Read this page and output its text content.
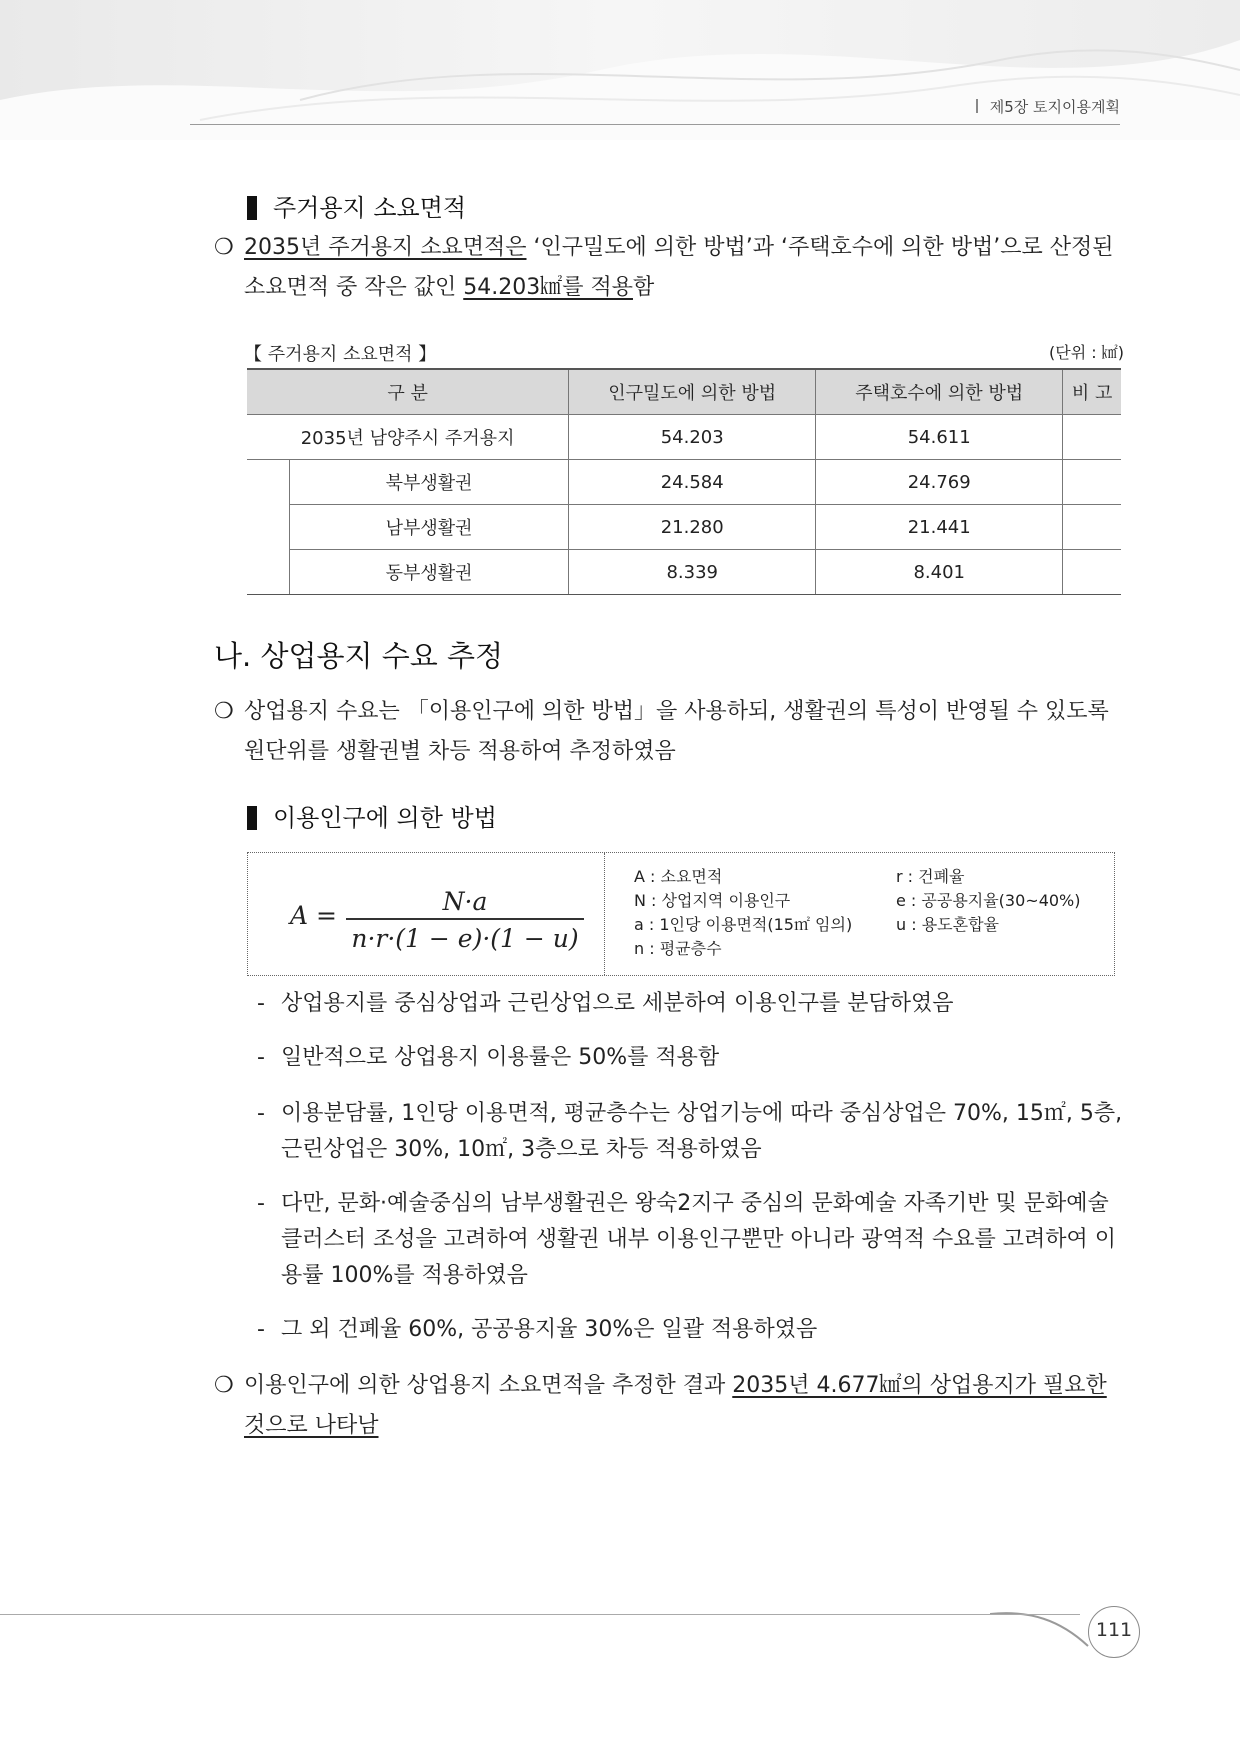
제5장 토지이용계획
주거용지 소요면적
❍ 2035년 주거용지 소요면적은 ‘인구밀도에 의한 방법’과 ‘주택호수에 의한 방법’으로 산정된 소요면적 중 작은 값인 54.203㎢를 적용함
【 주거용지 소요면적 】	(단위 : ㎢)
구 분		인구밀도에 의한 방법	주택호수에 의한 방법	비 고
2035년 남양주시 주거용지		54.203	54.611	
	북부생활권	24.584	24.769	
	남부생활권	21.280	21.441	
	동부생활권	8.339	8.401	
나. 상업용지 수요 추정
❍ 상업용지 수요는 「이용인구에 의한 방법」을 사용하되, 생활권의 특성이 반영될 수 있도록 원단위를 생활권별 차등 적용하여 추정하였음
이용인구에 의한 방법
A =	N·a
n·r·(1 − e)·(1 − u)
A : 소요면적
N : 상업지역 이용인구
a : 1인당 이용면적(15㎡ 임의)
n : 평균층수
r : 건폐율
e : 공공용지율(30~40%)
u : 용도혼합율
- 상업용지를 중심상업과 근린상업으로 세분하여 이용인구를 분담하였음
- 일반적으로 상업용지 이용률은 50%를 적용함
- 이용분담률, 1인당 이용면적, 평균층수는 상업기능에 따라 중심상업은 70%, 15㎡, 5층, 근린상업은 30%, 10㎡, 3층으로 차등 적용하였음
- 다만, 문화·예술중심의 남부생활권은 왕숙2지구 중심의 문화예술 자족기반 및 문화예술 클러스터 조성을 고려하여 생활권 내부 이용인구뿐만 아니라 광역적 수요를 고려하여 이용률 100%를 적용하였음
- 그 외 건폐율 60%, 공공용지율 30%은 일괄 적용하였음
❍ 이용인구에 의한 상업용지 소요면적을 추정한 결과 2035년 4.677㎢의 상업용지가 필요한 것으로 나타남
111
